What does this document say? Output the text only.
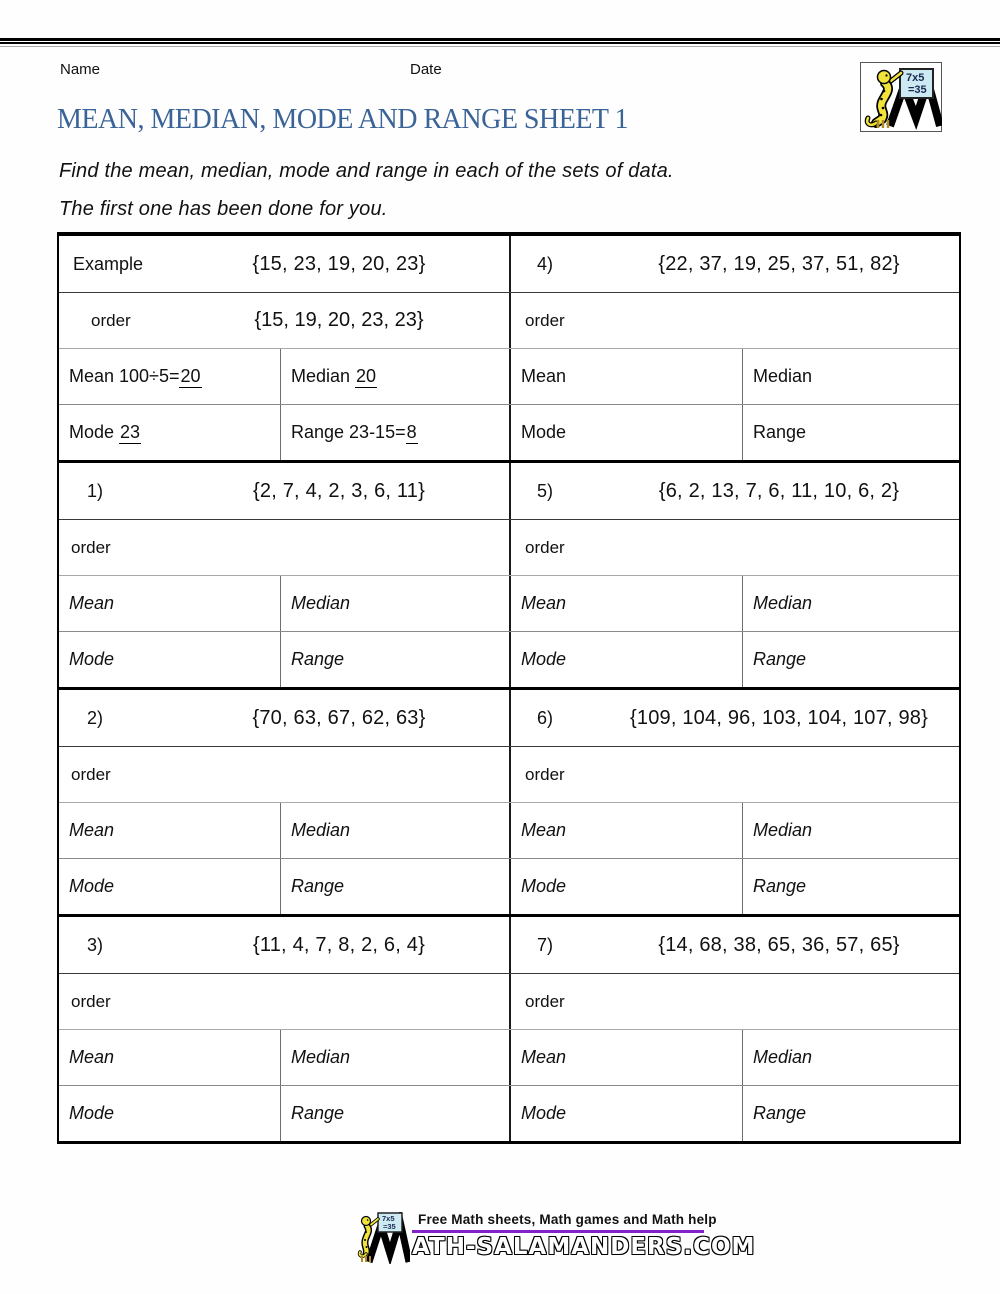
Name	Date	7x5
=35
MEAN, MEDIAN, MODE AND RANGE SHEET 1
Find the mean, median, mode and range in each of the sets of data.
The first one has been done for you.
Example	{15, 23, 19, 20, 23}	4)	{22, 37, 19, 25, 37, 51, 82}
order	{15, 19, 20, 23, 23}	order
Mean 100÷5= 20	Median 20	Mean	Median
Mode 23	Range 23-15= 8	Mode	Range
1)	{2, 7, 4, 2, 3, 6, 11}	5)	{6, 2, 13, 7, 6, 11, 10, 6, 2}
order	order
Mean	Median	Mean	Median
Mode	Range	Mode	Range
2)	{70, 63, 67, 62, 63}	6)	{109, 104, 96, 103, 104, 107, 98}
order	order
Mean	Median	Mean	Median
Mode	Range	Mode	Range
3)	{11, 4, 7, 8, 2, 6, 4}	7)	{14, 68, 38, 65, 36, 57, 65}
order	order
Mean	Median	Mean	Median
Mode	Range	Mode	Range
7x5
=35	Free Math sheets, Math games and Math help
ATH-SALAMANDERS.COM
